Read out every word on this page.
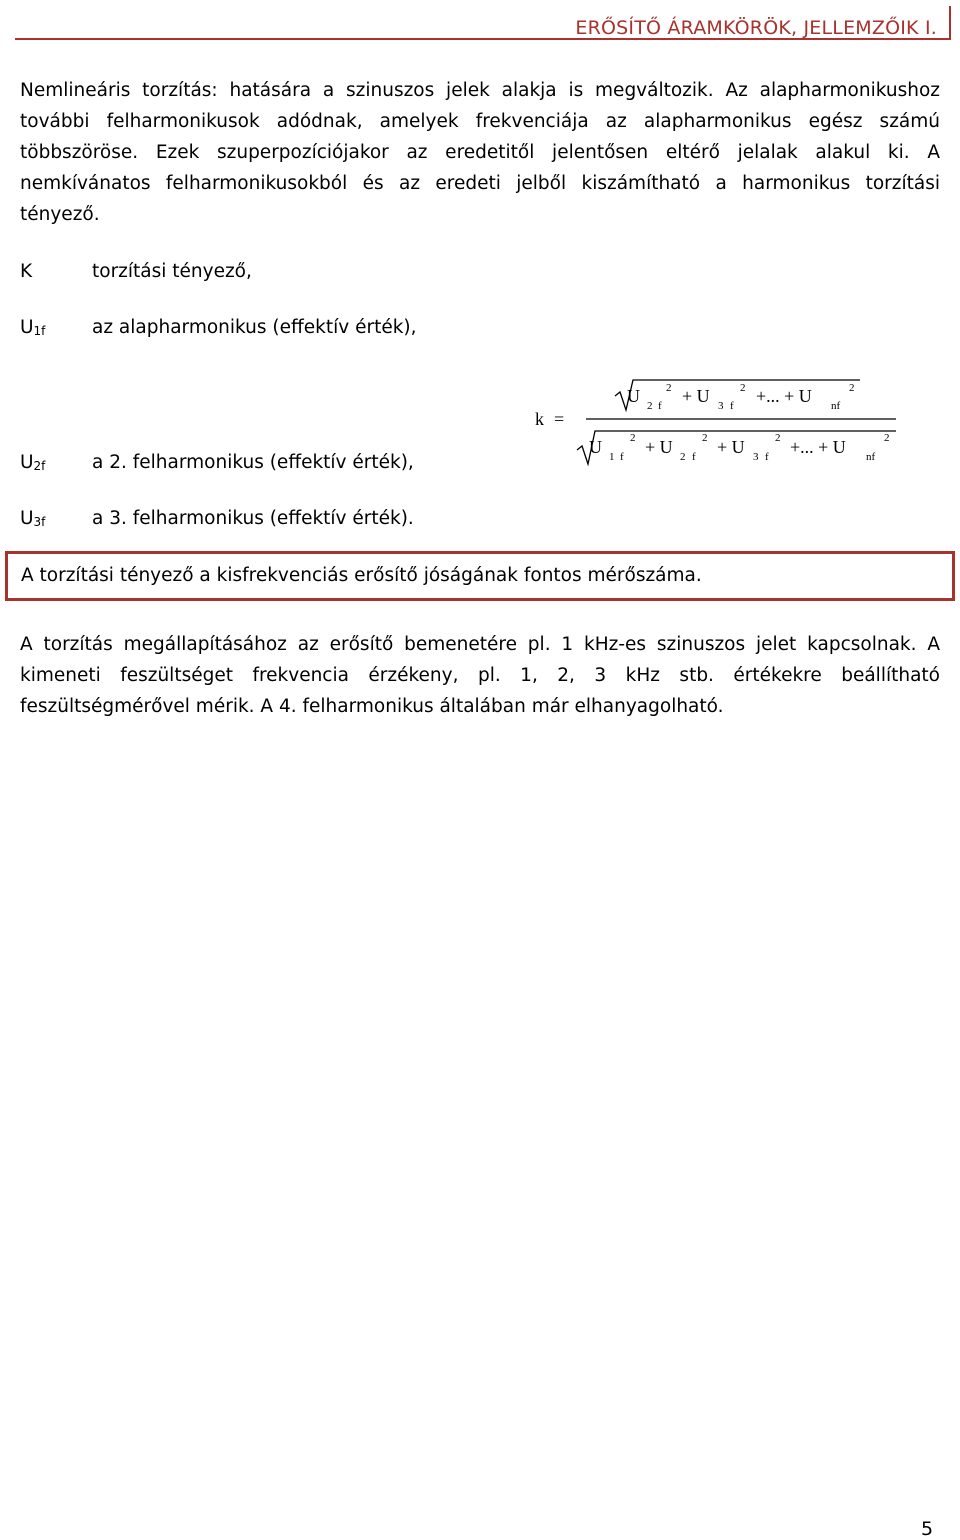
ERŐSÍTŐ ÁRAMKÖRÖK, JELLEMZŐIK I.

Nemlineáris torzítás: hatására a szinuszos jelek alakja is megváltozik. Az alapharmonikushoz további felharmonikusok adódnak, amelyek frekvenciája az alapharmonikus egész számú többszöröse. Ezek szuperpozíciójakor az eredetitől jelentősen eltérő jelalak alakul ki. A nemkívánatos felharmonikusokból és az eredeti jelből kiszámítható a harmonikus torzítási tényező.

K	torzítási tényező,
$U_{1f}$	az alapharmonikus (effektív érték),
$U_{2f}$	a 2. felharmonikus (effektív érték),
$U_{3f}$	a 3. felharmonikus (effektív érték).
k =
U 2 f
2 + U 3 f
2 +... + U nf
2
U 1 f
2 + U 2 f
2 + U 3 f
2 +... + U nf
2
A torzítási tényező a kisfrekvenciás erősítő jóságának fontos mérőszáma.

A torzítás megállapításához az erősítő bemenetére pl. 1 kHz-es szinuszos jelet kapcsolnak. A kimeneti feszültséget frekvencia érzékeny, pl. 1, 2, 3 kHz stb. értékekre beállítható feszültségmérővel mérik. A 4. felharmonikus általában már elhanyagolható.

5
